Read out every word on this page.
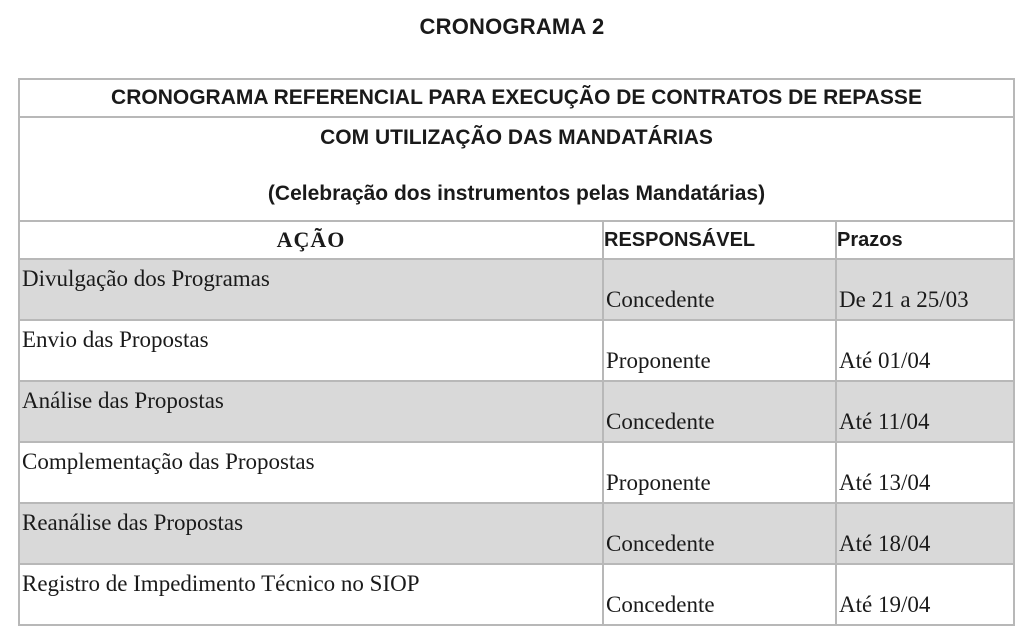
CRONOGRAMA 2
CRONOGRAMA REFERENCIAL PARA EXECUÇÃO DE CONTRATOS DE REPASSE		

COM UTILIZAÇÃO DAS MANDATÁRIAS
(Celebração dos instrumentos pelas Mandatárias)		

AÇÃO	RESPONSÁVEL	Prazos
Divulgação dos Programas	Concedente	De 21 a 25/03
Envio das Propostas	Proponente	Até 01/04
Análise das Propostas	Concedente	Até 11/04
Complementação das Propostas	Proponente	Até 13/04
Reanálise das Propostas	Concedente	Até 18/04
Registro de Impedimento Técnico no SIOP	Concedente	Até 19/04
